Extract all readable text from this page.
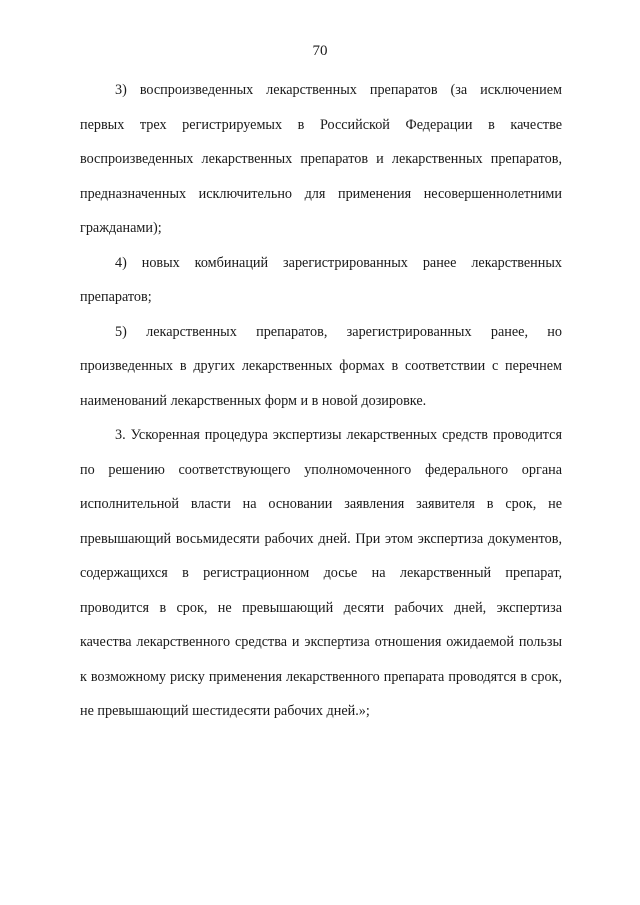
70

3) воспроизведенных лекарственных препаратов (за исключением первых трех регистрируемых в Российской Федерации в качестве воспроизведенных лекарственных препаратов и лекарственных препаратов, предназначенных исключительно для применения несовершеннолетними гражданами);

4) новых комбинаций зарегистрированных ранее лекарственных препаратов;

5) лекарственных препаратов, зарегистрированных ранее, но произведенных в других лекарственных формах в соответствии с перечнем наименований лекарственных форм и в новой дозировке.

3. Ускоренная процедура экспертизы лекарственных средств проводится по решению соответствующего уполномоченного федерального органа исполнительной власти на основании заявления заявителя в срок, не превышающий восьмидесяти рабочих дней. При этом экспертиза документов, содержащихся в регистрационном досье на лекарственный препарат, проводится в срок, не превышающий десяти рабочих дней, экспертиза качества лекарственного средства и экспертиза отношения ожидаемой пользы к возможному риску применения лекарственного препарата проводятся в срок, не превышающий шестидесяти рабочих дней.»;
